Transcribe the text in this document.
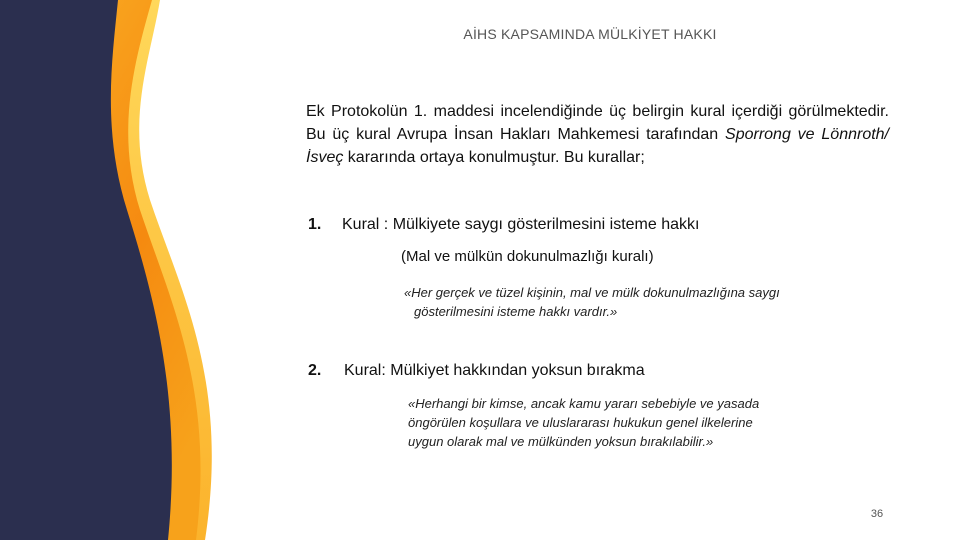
AİHS KAPSAMINDA MÜLKİYET HAKKI
Ek Protokolün 1. maddesi incelendiğinde üç belirgin kural içerdiği görülmektedir. Bu üç kural Avrupa İnsan Hakları Mahkemesi tarafından Sporrong ve Lönnroth/İsveç kararında ortaya konulmuştur. Bu kurallar;
1. Kural : Mülkiyete saygı gösterilmesini isteme hakkı
(Mal ve mülkün dokunulmazlığı kuralı)
«Her gerçek ve tüzel kişinin, mal ve mülk dokunulmazlığına saygı
gösterilmesini isteme hakkı vardır.»
2. Kural: Mülkiyet hakkından yoksun bırakma
«Herhangi bir kimse, ancak kamu yararı sebebiyle ve yasada
öngörülen koşullara ve uluslararası hukukun genel ilkelerine
uygun olarak mal ve mülkünden yoksun bırakılabilir.»
36
